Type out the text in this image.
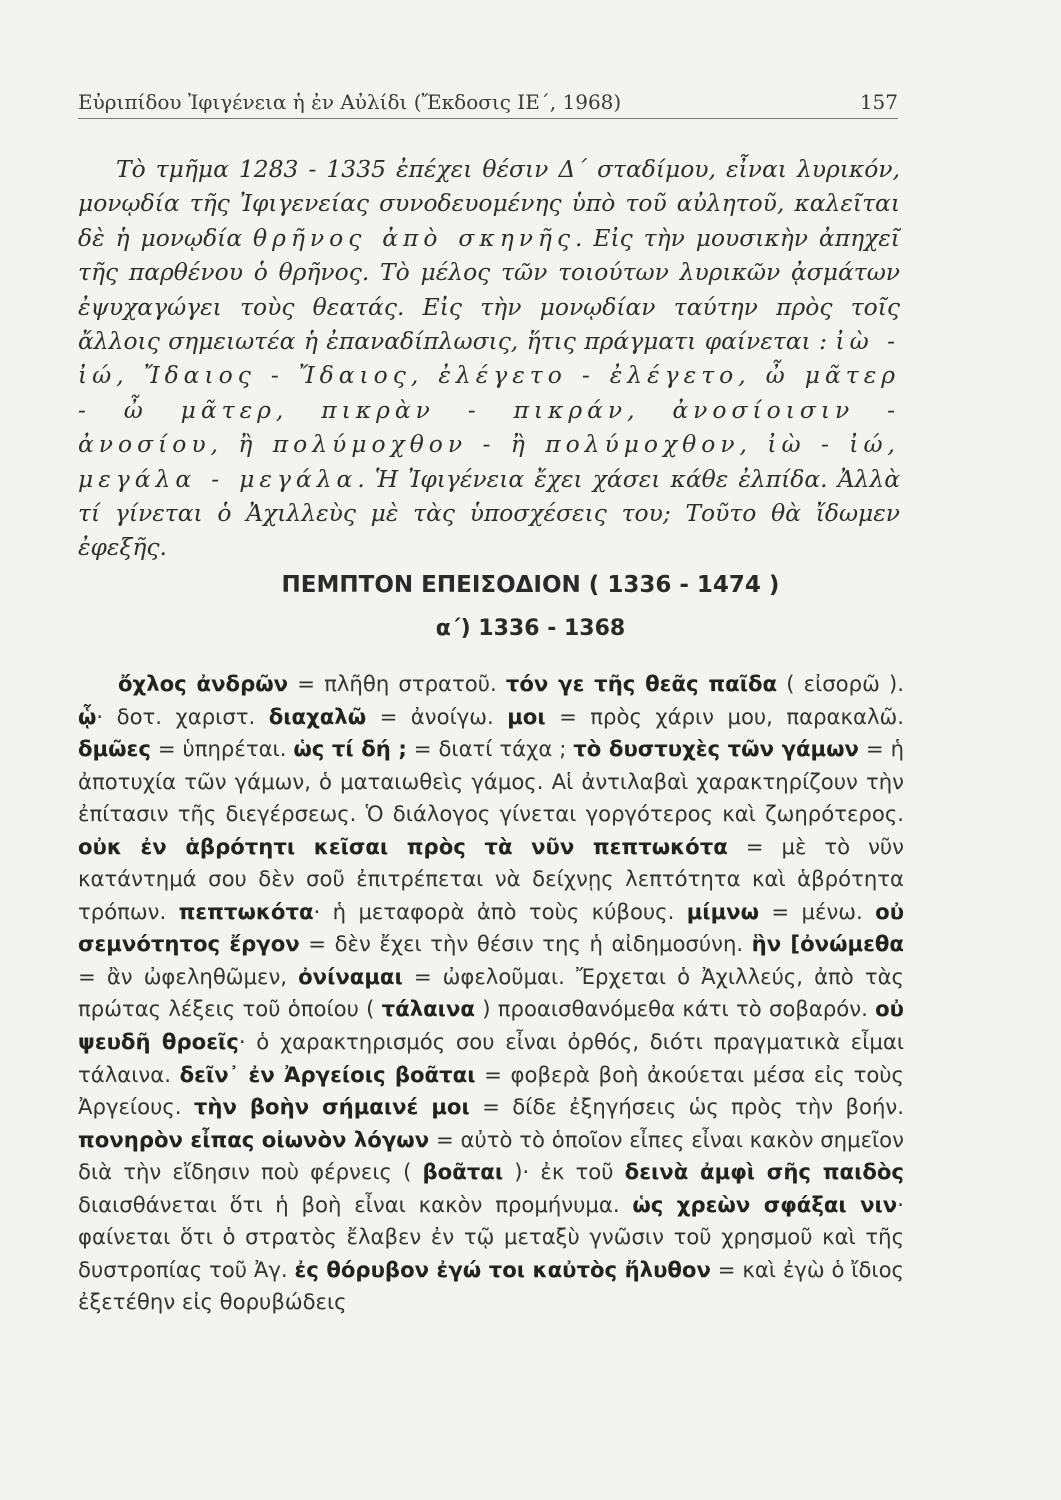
Εὐριπίδου Ἰφιγένεια ἡ ἐν Αὐλίδι (Ἔκδοσις ΙΕ΄, 1968)	157
Τὸ τμῆμα 1283 - 1335 ἐπέχει θέσιν Δ΄ σταδίμου, εἶναι λυρικόν, μονῳδία τῆς Ἰφιγενείας συνοδευομένης ὑπὸ τοῦ αὐλητοῦ, καλεῖται δὲ ἡ μονῳδία θρῆνος ἀπὸ σκηνῆς. Εἰς τὴν μουσικὴν ἀπηχεῖ τῆς παρθένου ὁ θρῆνος. Τὸ μέλος τῶν τοιούτων λυρικῶν ᾀσμάτων ἐψυχαγώγει τοὺς θεατάς. Εἰς τὴν μονῳδίαν ταύτην πρὸς τοῖς ἄλλοις σημειωτέα ἡ ἐπαναδίπλωσις, ἥτις πράγματι φαίνεται : ἰὼ - ἰώ, Ἴδαιος - Ἴδαιος, ἐλέγετο - ἐλέγετο, ὦ μᾶτερ - ὦ μᾶτερ, πικρὰν - πικράν, ἀνοσίοισιν - ἀνοσίου, ἢ πολύμοχθον - ἢ πολύμοχθον, ἰὼ - ἰώ, μεγάλα - μεγάλα. Ἡ Ἰφιγένεια ἔχει χάσει κάθε ἐλπίδα. Ἀλλὰ τί γίνεται ὁ Ἀχιλλεὺς μὲ τὰς ὑποσχέσεις του; Τοῦτο θὰ ἴδωμεν ἐφεξῆς.
ΠΕΜΠΤΟΝ ΕΠΕΙΣΟΔΙΟΝ ( 1336 - 1474 )
α΄) 1336 - 1368
ὄχλος ἀνδρῶν = πλῆθη στρατοῦ. τόν γε τῆς θεᾶς παῖδα ( εἰσορῶ ). ᾧ· δοτ. χαριστ. διαχαλῶ = ἀνοίγω. μοι = πρὸς χάριν μου, παρακαλῶ. δμῶες = ὑπηρέται. ὡς τί δή ; = διατί τάχα ; τὸ δυστυχὲς τῶν γάμων = ἡ ἀποτυχία τῶν γάμων, ὁ ματαιωθεὶς γάμος. Αἱ ἀντιλαβαὶ χαρακτηρίζουν τὴν ἐπίτασιν τῆς διεγέρσεως. Ὁ διάλογος γίνεται γοργότερος καὶ ζωηρότερος. οὐκ ἐν ἁβρότητι κεῖσαι πρὸς τὰ νῦν πεπτωκότα = μὲ τὸ νῦν κατάντημά σου δὲν σοῦ ἐπιτρέπεται νὰ δείχνῃς λεπτότητα καὶ ἁβρότητα τρόπων. πεπτωκότα· ἡ μεταφορὰ ἀπὸ τοὺς κύβους. μίμνω = μένω. οὐ σεμνότητος ἔργον = δὲν ἔχει τὴν θέσιν της ἡ αἰδημοσύνη. ἣν [ὀνώμεθα = ἂν ὠφεληθῶμεν, ὀνίναμαι = ὠφελοῦμαι. Ἔρχεται ὁ Ἀχιλλεύς, ἀπὸ τὰς πρώτας λέξεις τοῦ ὁποίου ( τάλαινα ) προαισθανόμεθα κάτι τὸ σοβαρόν. οὐ ψευδῆ θροεῖς· ὁ χαρακτηρισμός σου εἶναι ὀρθός, διότι πραγματικὰ εἶμαι τάλαινα. δεῖν᾽ ἐν Ἀργείοις βοᾶται = φοβερὰ βοὴ ἀκούεται μέσα εἰς τοὺς Ἀργείους. τὴν βοὴν σήμαινέ μοι = δίδε ἐξηγήσεις ὡς πρὸς τὴν βοήν. πονηρὸν εἶπας οἰωνὸν λόγων = αὐτὸ τὸ ὁποῖον εἶπες εἶναι κακὸν σημεῖον διὰ τὴν εἴδησιν ποὺ φέρνεις ( βοᾶται )· ἐκ τοῦ δεινὰ ἀμφὶ σῆς παιδὸς διαισθάνεται ὅτι ἡ βοὴ εἶναι κακὸν προμήνυμα. ὡς χρεὼν σφάξαι νιν· φαίνεται ὅτι ὁ στρατὸς ἔλαβεν ἐν τῷ μεταξὺ γνῶσιν τοῦ χρησμοῦ καὶ τῆς δυστροπίας τοῦ Ἀγ. ἐς θόρυβον ἐγώ τοι καὐτὸς ἤλυθον = καὶ ἐγὼ ὁ ἴδιος ἐξετέθην εἰς θορυβώδεις
